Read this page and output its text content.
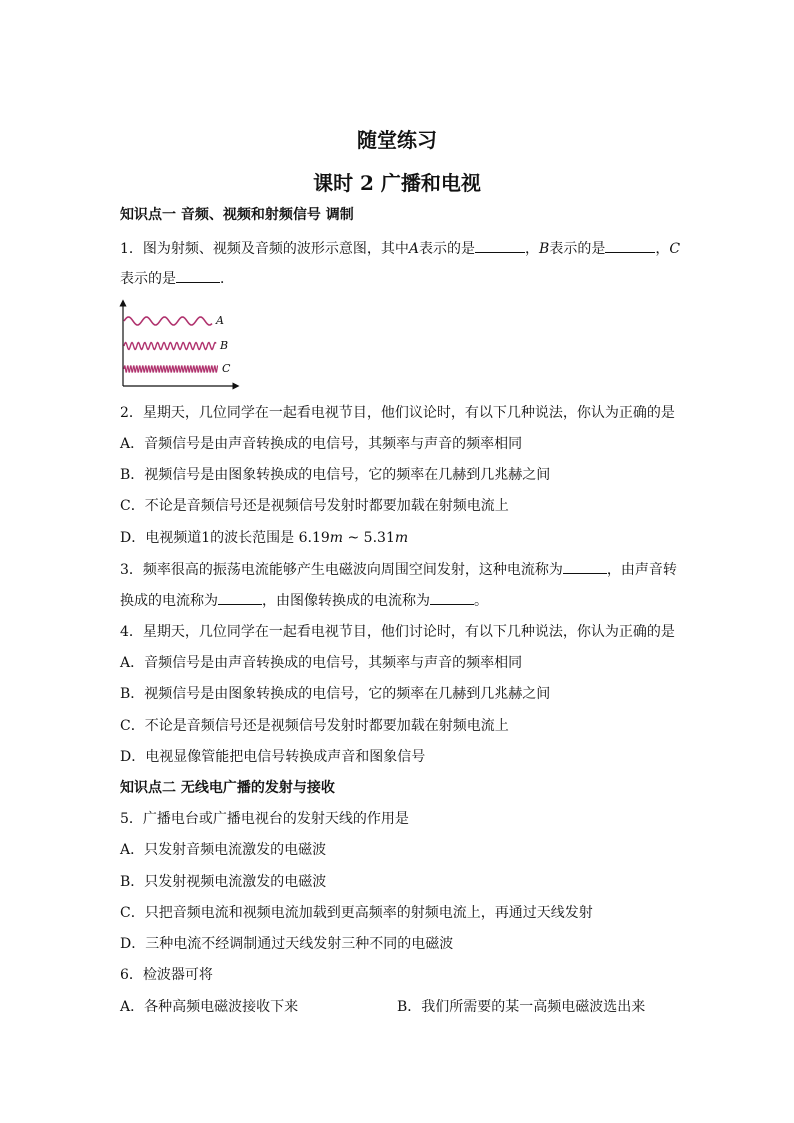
随堂练习
课时 2 广播和电视
知识点一 音频、视频和射频信号 调制
1．图为射频、视频及音频的波形示意图，其中A表示的是	，B表示的是	，C
表示的是	．
A
B
C
2．星期天，几位同学在一起看电视节目，他们议论时，有以下几种说法，你认为正确的是
A．音频信号是由声音转换成的电信号，其频率与声音的频率相同
B．视频信号是由图象转换成的电信号，它的频率在几赫到几兆赫之间
C．不论是音频信号还是视频信号发射时都要加载在射频电流上
D．电视频道1的波长范围是 6.19m ~ 5.31m
3．频率很高的振荡电流能够产生电磁波向周围空间发射，这种电流称为	，由声音转
换成的电流称为	，由图像转换成的电流称为	。
4．星期天，几位同学在一起看电视节目，他们讨论时，有以下几种说法，你认为正确的是
A．音频信号是由声音转换成的电信号，其频率与声音的频率相同
B．视频信号是由图象转换成的电信号，它的频率在几赫到几兆赫之间
C．不论是音频信号还是视频信号发射时都要加载在射频电流上
D．电视显像管能把电信号转换成声音和图象信号
知识点二 无线电广播的发射与接收
5．广播电台或广播电视台的发射天线的作用是
A．只发射音频电流激发的电磁波
B．只发射视频电流激发的电磁波
C．只把音频电流和视频电流加载到更高频率的射频电流上，再通过天线发射
D．三种电流不经调制通过天线发射三种不同的电磁波
6．检波器可将
A．各种高频电磁波接收下来	B．我们所需要的某一高频电磁波选出来
